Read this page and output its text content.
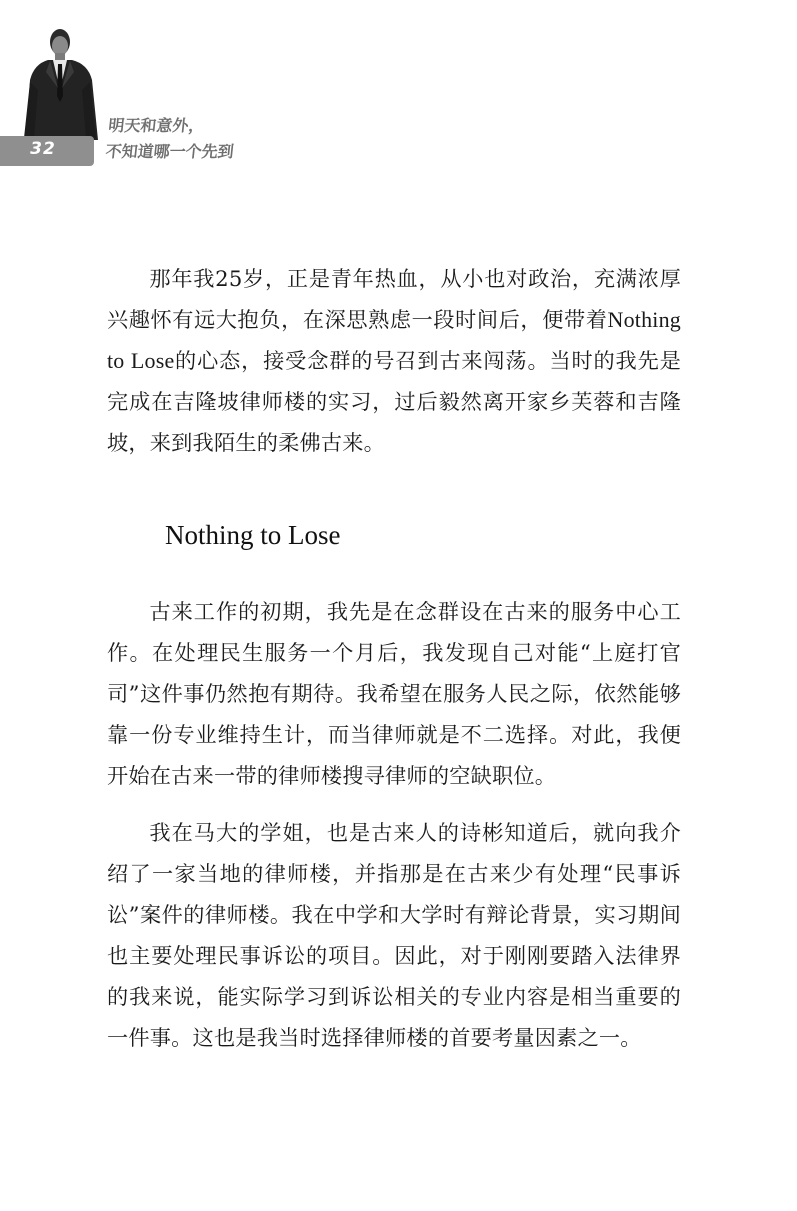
32
明天和意外，
不知道哪一个先到

那年我25岁，正是青年热血，从小也对政治，充满浓厚兴趣怀有远大抱负，在深思熟虑一段时间后，便带着Nothing to Lose的心态，接受念群的号召到古来闯荡。当时的我先是完成在吉隆坡律师楼的实习，过后毅然离开家乡芙蓉和吉隆坡，来到我陌生的柔佛古来。

Nothing to Lose

古来工作的初期，我先是在念群设在古来的服务中心工作。在处理民生服务一个月后，我发现自己对能“上庭打官司”这件事仍然抱有期待。我希望在服务人民之际，依然能够靠一份专业维持生计，而当律师就是不二选择。对此，我便开始在古来一带的律师楼搜寻律师的空缺职位。

我在马大的学姐，也是古来人的诗彬知道后，就向我介绍了一家当地的律师楼，并指那是在古来少有处理“民事诉讼”案件的律师楼。我在中学和大学时有辩论背景，实习期间也主要处理民事诉讼的项目。因此，对于刚刚要踏入法律界的我来说，能实际学习到诉讼相关的专业内容是相当重要的一件事。这也是我当时选择律师楼的首要考量因素之一。
